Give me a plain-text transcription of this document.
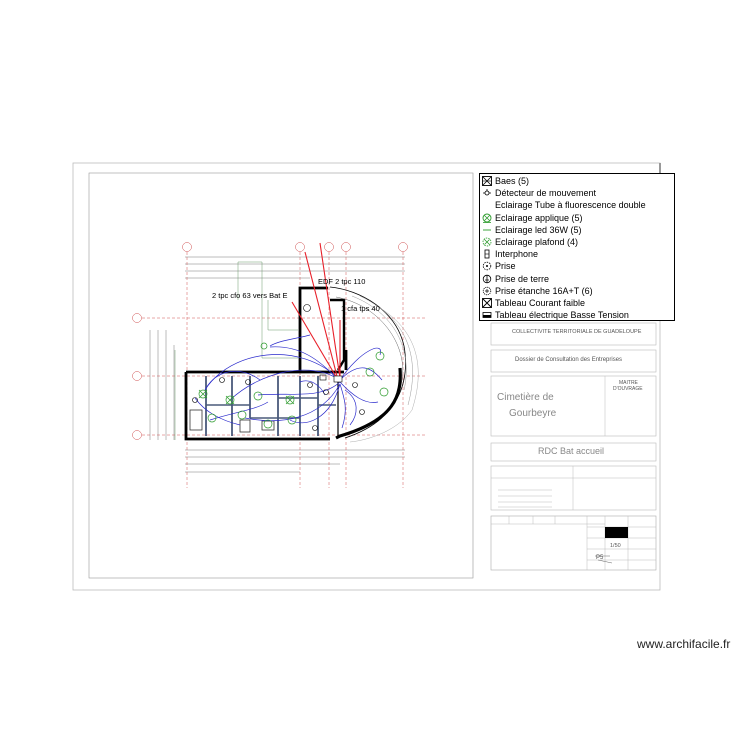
EDF 2 tpc 110
2 tpc cfo 63 vers Bat E
1 cfa tps 40
COLLECTIVITE TERRITORIALE DE GUADELOUPE
Dossier de Consultation des Entreprises
Cimetière de
Gourbeyre
MAITRE
D'OUVRAGE
RDC Bat accueil
1/50
P5
Baes (5)
Détecteur de mouvement
Eclairage Tube à fluorescence double
Eclairage applique (5)
Eclairage led 36W (5)
Eclairage plafond (4)
Interphone
Prise
Prise de terre
Prise étanche 16A+T (6)
Tableau Courant faible
Tableau électrique Basse Tension
www.archifacile.fr
